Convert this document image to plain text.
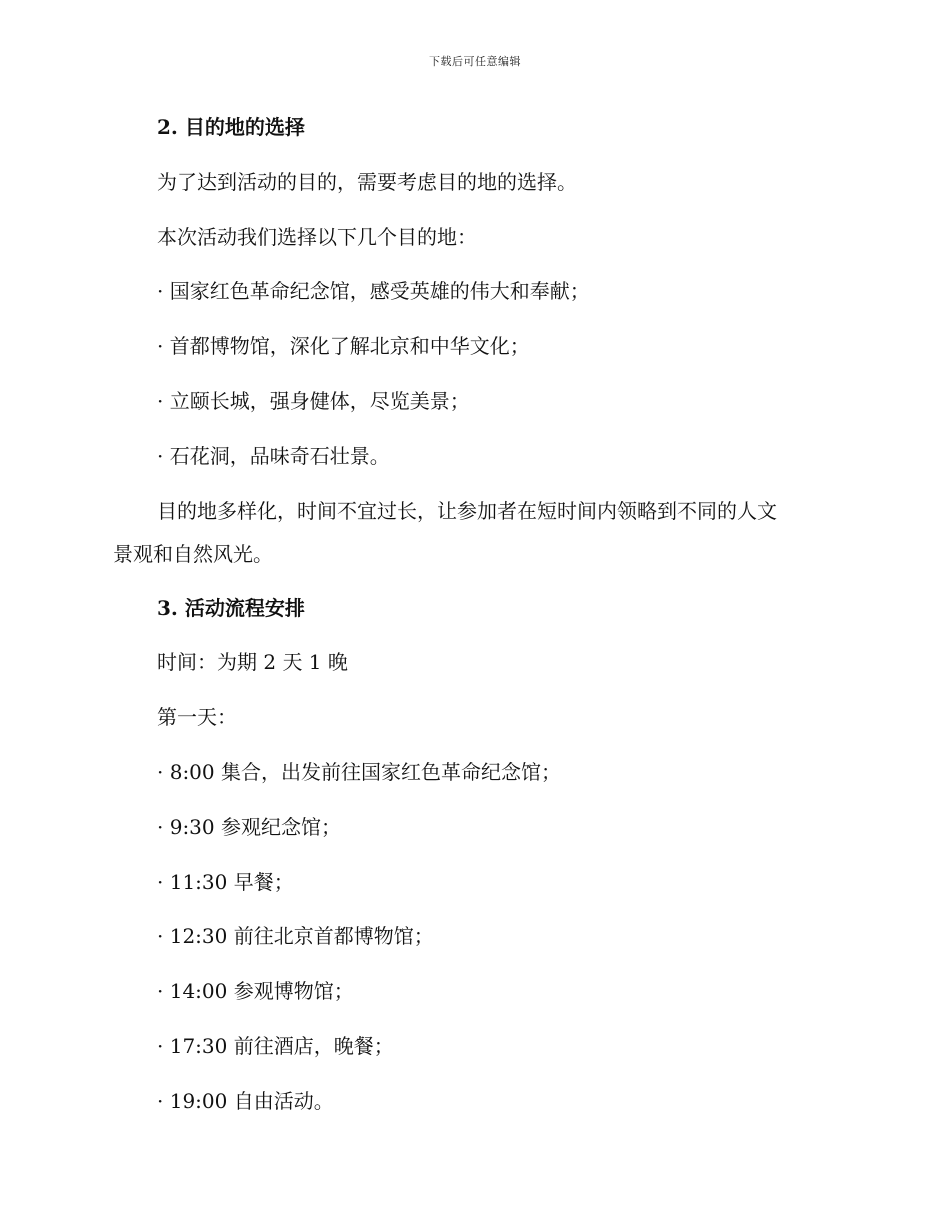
下载后可任意编辑
2. 目的地的选择
为了达到活动的目的，需要考虑目的地的选择。
本次活动我们选择以下几个目的地：
· 国家红色革命纪念馆，感受英雄的伟大和奉献；
· 首都博物馆，深化了解北京和中华文化；
· 立颐长城，强身健体，尽览美景；
· 石花洞，品味奇石壮景。
目的地多样化，时间不宜过长，让参加者在短时间内领略到不同的人文
景观和自然风光。
3. 活动流程安排
时间：为期 2 天 1 晚
第一天：
· 8:00 集合，出发前往国家红色革命纪念馆；
· 9:30 参观纪念馆；
· 11:30 早餐；
· 12:30 前往北京首都博物馆；
· 14:00 参观博物馆；
· 17:30 前往酒店，晚餐；
· 19:00 自由活动。
